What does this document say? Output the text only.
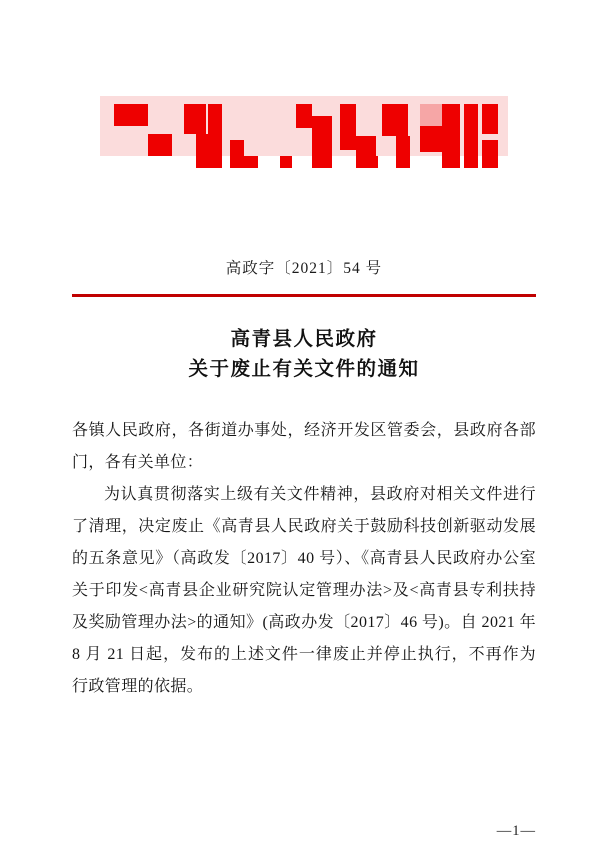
高政字〔2021〕54 号
高青县人民政府
关于废止有关文件的通知

各镇人民政府，各街道办事处，经济开发区管委会，县政府各部门，各有关单位：

为认真贯彻落实上级有关文件精神，县政府对相关文件进行了清理，决定废止《高青县人民政府关于鼓励科技创新驱动发展的五条意见》（高政发〔2017〕40 号）、《高青县人民政府办公室关于印发<高青县企业研究院认定管理办法>及<高青县专利扶持及奖励管理办法>的通知》(高政办发〔2017〕46 号)。自 2021 年 8 月 21 日起，发布的上述文件一律废止并停止执行，不再作为行政管理的依据。

—1—
